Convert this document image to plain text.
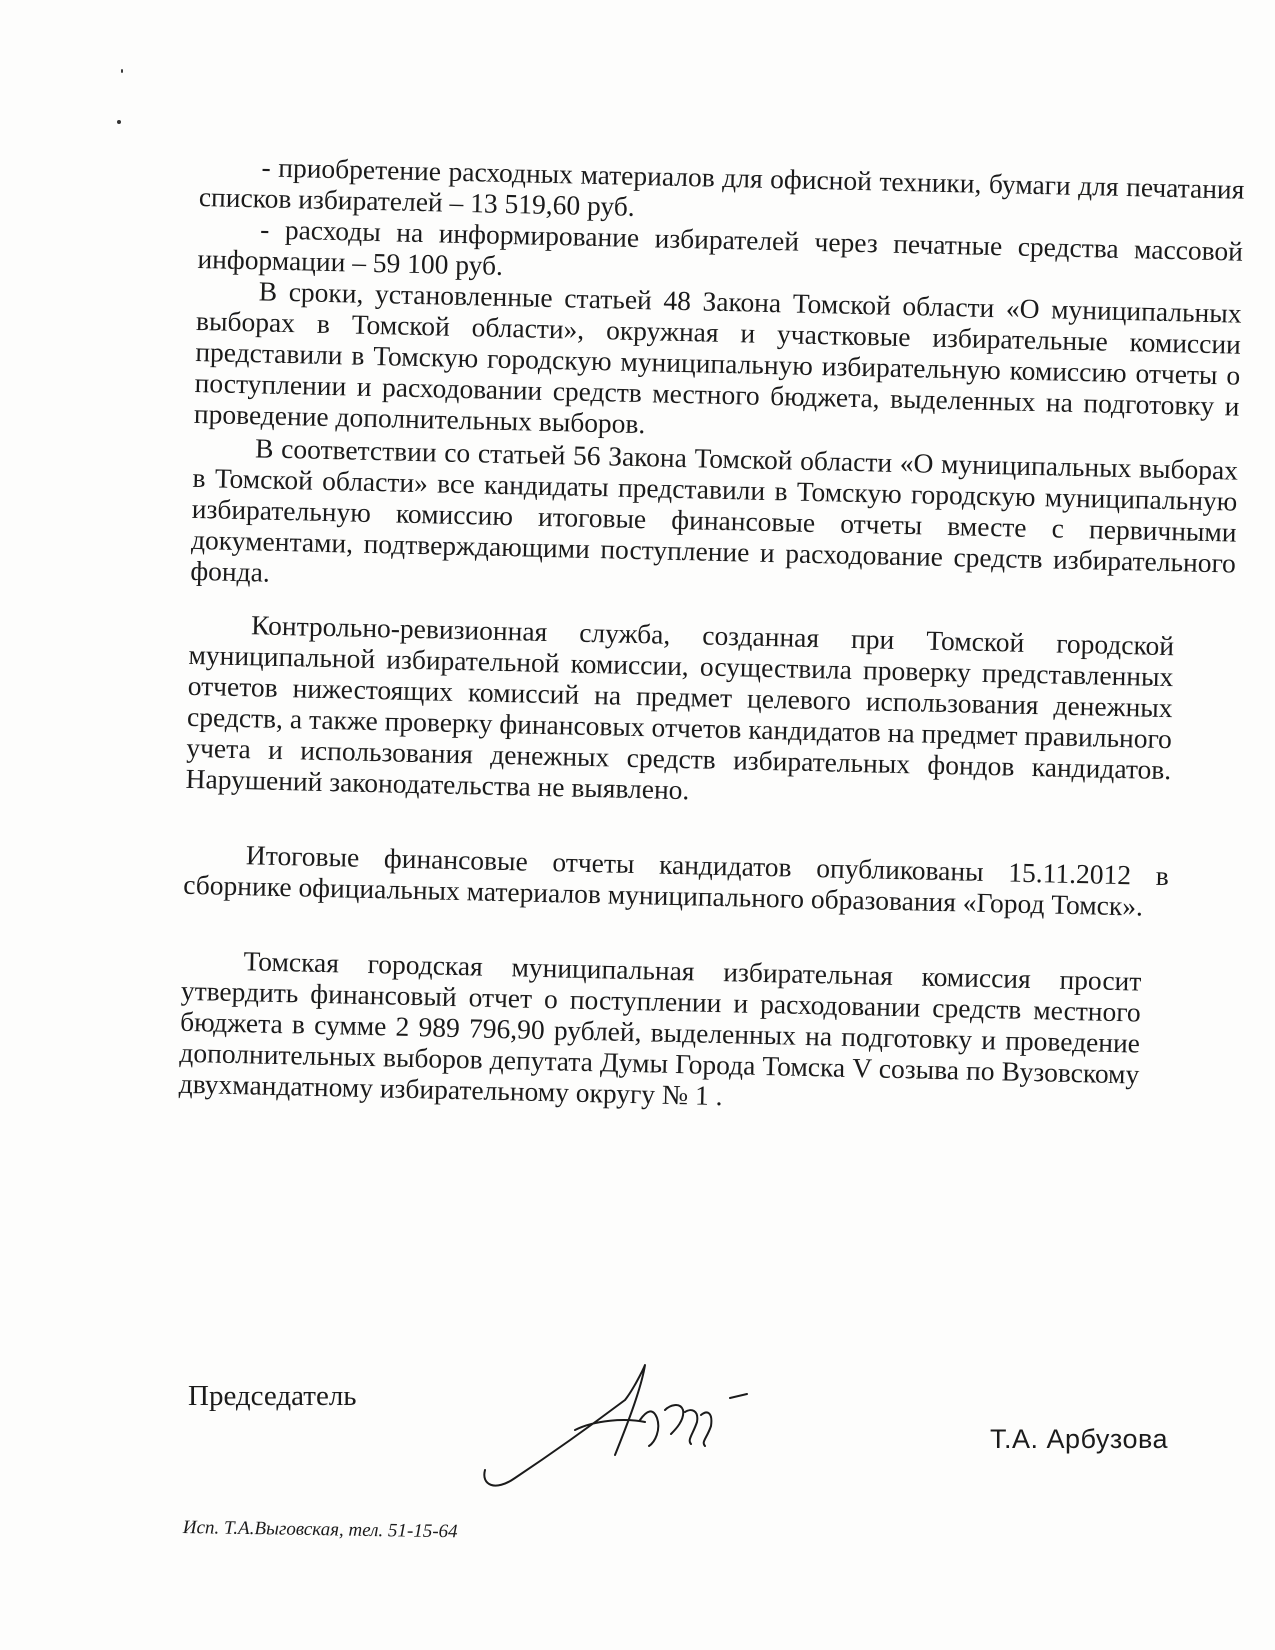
- приобретение расходных материалов для офисной техники, бумаги для печатания списков избирателей – 13 519,60 руб.

- расходы на информирование избирателей через печатные средства массовой информации – 59 100 руб.

В сроки, установленные статьей 48 Закона Томской области «О муниципальных выборах в Томской области», окружная и участковые избирательные комиссии представили в Томскую городскую муниципальную избирательную комиссию отчеты о поступлении и расходовании средств местного бюджета, выделенных на подготовку и проведение дополнительных выборов.

В соответствии со статьей 56 Закона Томской области «О муниципальных выборах в Томской области» все кандидаты представили в Томскую городскую муниципальную избирательную комиссию итоговые финансовые отчеты вместе с первичными документами, подтверждающими поступление и расходование средств избирательного фонда.

Контрольно-ревизионная служба, созданная при Томской городской муниципальной избирательной комиссии, осуществила проверку представленных отчетов нижестоящих комиссий на предмет целевого использования денежных средств, а также проверку финансовых отчетов кандидатов на предмет правильного учета и использования денежных средств избирательных фондов кандидатов. Нарушений законодательства не выявлено.

Итоговые финансовые отчеты кандидатов опубликованы 15.11.2012 в сборнике официальных материалов муниципального образования «Город Томск».

Томская городская муниципальная избирательная комиссия просит утвердить финансовый отчет о поступлении и расходовании средств местного бюджета в сумме 2 989 796,90 рублей, выделенных на подготовку и проведение дополнительных выборов депутата Думы Города Томска V созыва по Вузовскому двухмандатному избирательному округу № 1 .

Председатель
Т.А. Арбузова
Исп. Т.А.Выговская, тел. 51-15-64
